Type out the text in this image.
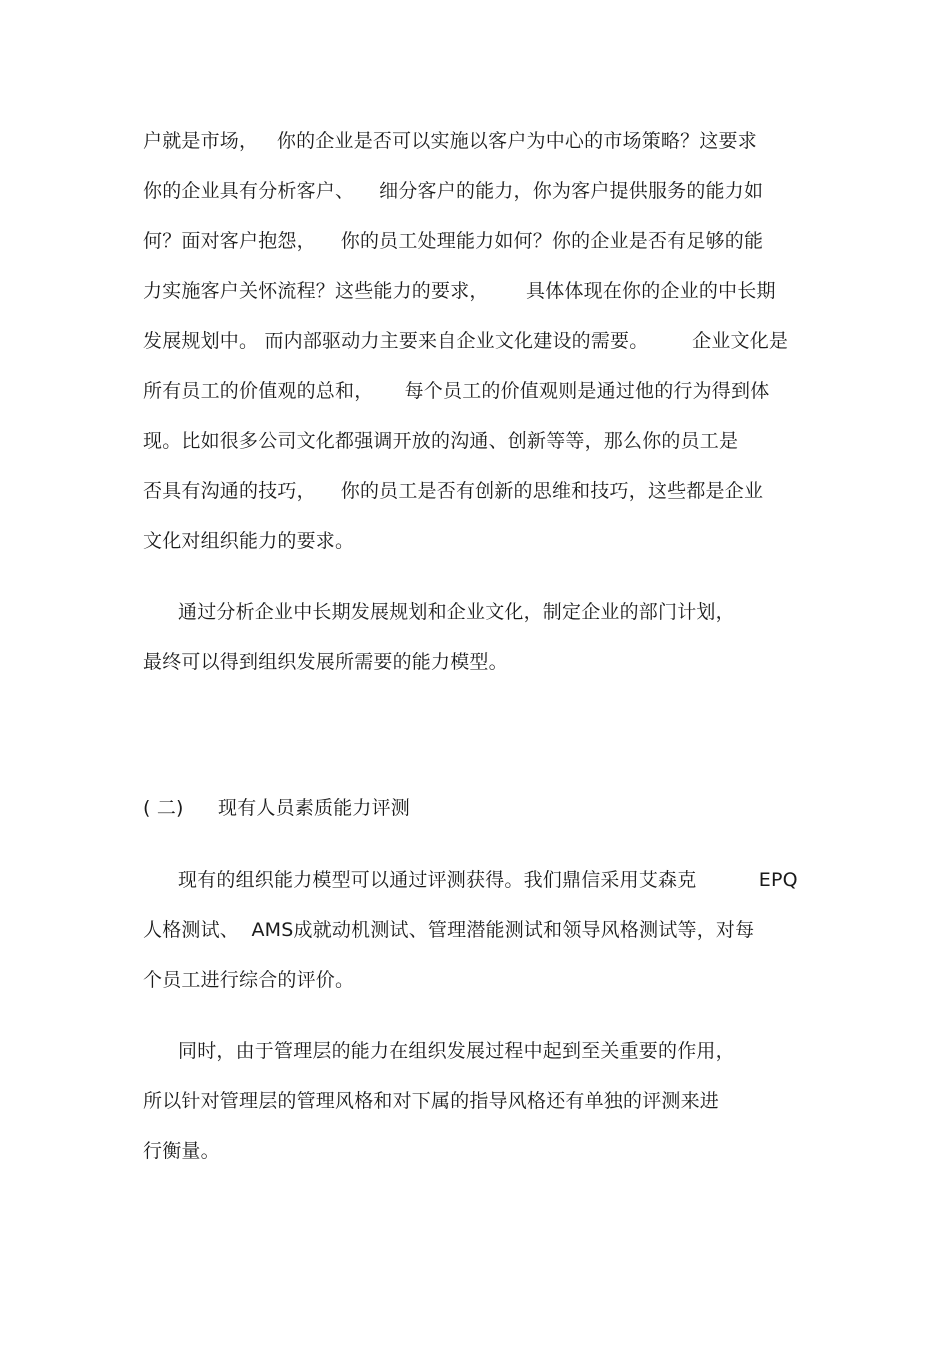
户就是市场，   你的企业是否可以实施以客户为中心的市场策略？这要求
你的企业具有分析客户、    细分客户的能力，你为客户提供服务的能力如
何？面对客户抱怨，    你的员工处理能力如何？你的企业是否有足够的能
力实施客户关怀流程？这些能力的要求，      具体体现在你的企业的中长期
发展规划中。 而内部驱动力主要来自企业文化建设的需要。       企业文化是
所有员工的价值观的总和，     每个员工的价值观则是通过他的行为得到体
现。比如很多公司文化都强调开放的沟通、创新等等，那么你的员工是
否具有沟通的技巧，    你的员工是否有创新的思维和技巧，这些都是企业
文化对组织能力的要求。
通过分析企业中长期发展规划和企业文化，制定企业的部门计划，
最终可以得到组织发展所需要的能力模型。
( 二) 现有人员素质能力评测
现有的组织能力模型可以通过评测获得。我们鼎信采用艾森克          EPQ
人格测试、  AMS成就动机测试、管理潜能测试和领导风格测试等，对每
个员工进行综合的评价。
同时，由于管理层的能力在组织发展过程中起到至关重要的作用，
所以针对管理层的管理风格和对下属的指导风格还有单独的评测来进
行衡量。
